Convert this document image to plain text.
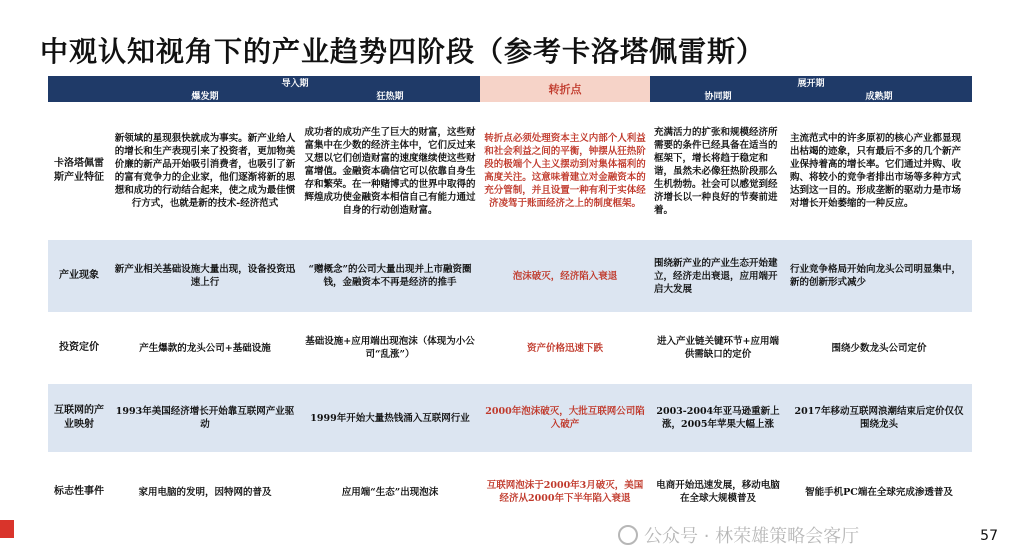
中观认知视角下的产业趋势四阶段（参考卡洛塔佩雷斯）
	导入期		转折点	展开期	
	爆发期	狂热期		协同期	成熟期
卡洛塔佩雷斯产业特征	新领域的星现狠快就成为事实。新产业给人的增长和生产表现引来了投资者，更加物美价廉的新产品开始吸引消费者，也吸引了新的富有竞争力的企业家，他们逐渐将新的思想和成功的行动结合起来，使之成为最佳惯行方式，也就是新的技术-经济范式	成功者的成功产生了巨大的财富，这些财富集中在少数的经济主体中，它们反过来又想以它们创造财富的速度继续使这些财富增值。金融资本确信它可以依靠自身生存和繁荣。在一种赌博式的世界中取得的辉煌成功使金融资本相信自己有能力通过自身的行动创造财富。	转折点必须处理资本主义内部个人利益和社会利益之间的平衡，钟摆从狂热阶段的极端个人主义摆动到对集体福利的高度关注。这意味着建立对金融资本的充分管制，并且设置一种有利于实体经济凌驾于账面经济之上的制度框架。	充满活力的扩张和规模经济所需要的条件已经具备在适当的框架下，增长将趋于稳定和谐，虽然未必像狂热阶段那么生机勃勃。社会可以感觉到经济增长以一种良好的节奏前进着。	主流范式中的许多原初的核心产业都显现出枯竭的迹象，只有最后不多的几个新产业保持着高的增长率。它们通过并购、收购、将较小的竞争者排出市场等多种方式达到这一目的。形成垄断的驱动力是市场对增长开始萎缩的一种反应。
产业现象	新产业相关基础设施大量出现，设备投资迅速上行	“赠概念”的公司大量出现并上市融资圈钱，金融资本不再是经济的推手	泡沫破灭，经济陷入衰退	围绕新产业的产业生态开始建立，经济走出衰退，应用端开启大发展	行业竞争格局开始向龙头公司明显集中，新的创新形式减少
投资定价	产生爆款的龙头公司+基础设施	基础设施+应用端出现泡沫（体现为小公司“乱涨”）	资产价格迅速下跌	进入产业链关键环节+应用端供需缺口的定价	围绕少数龙头公司定价
互联网的产业映射	1993年美国经济增长开始靠互联网产业驱动	1999年开始大量热钱涌入互联网行业	2000年泡沫破灭，大批互联网公司陷入破产	2003-2004年亚马逊重新上涨，2005年苹果大幅上涨	2017年移动互联网浪潮结束后定价仅仅围绕龙头
标志性事件	家用电脑的发明，因特网的普及	应用端“生态”出现泡沫	互联网泡沫于2000年3月破灭，美国经济从2000年下半年陷入衰退	电商开始迅速发展，移动电脑在全球大规模普及	智能手机PC端在全球完成渗透普及
公众号 · 林荣雄策略会客厅	57
